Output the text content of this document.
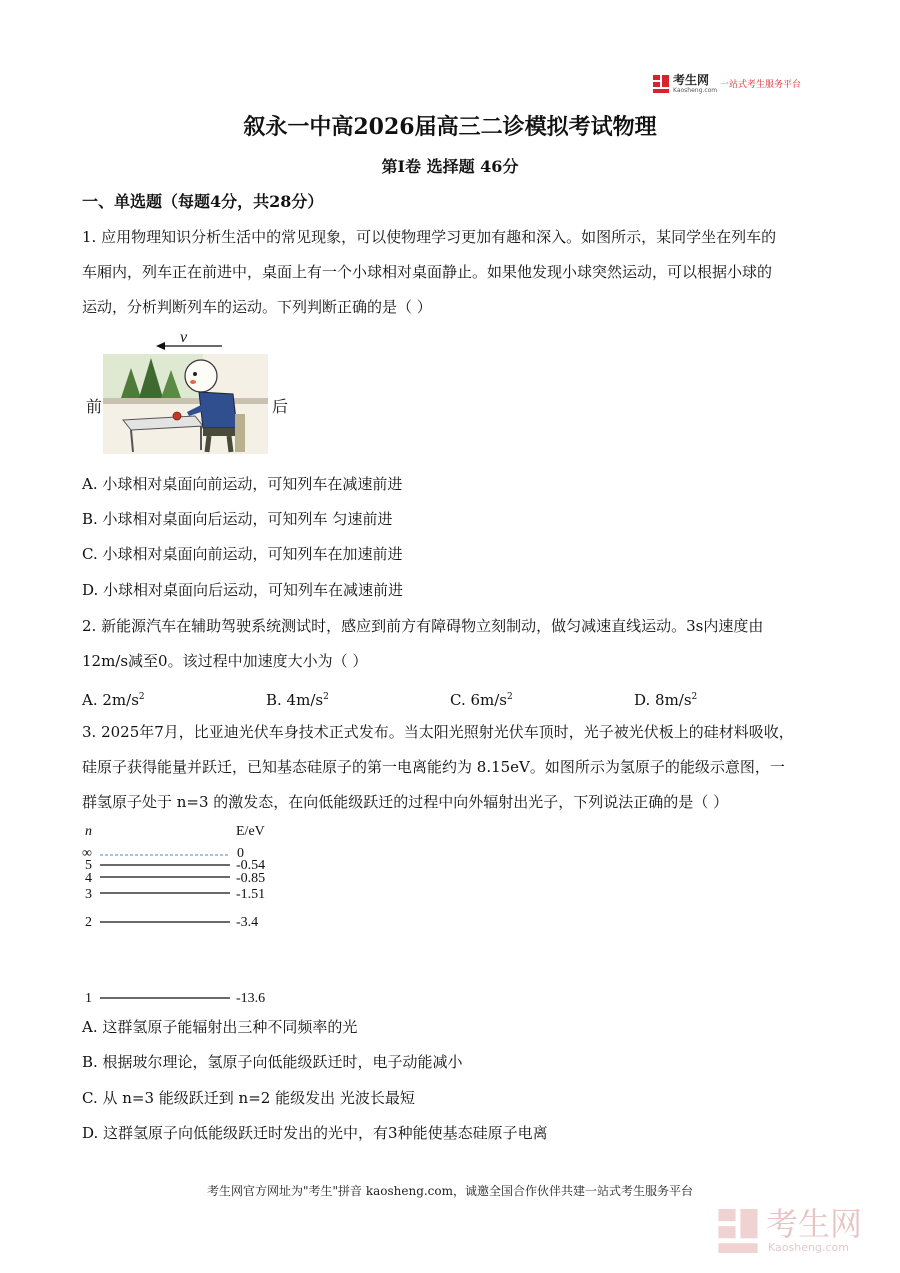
考生网
Kaosheng.com
一站式考生服务平台
叙永一中高2026届高三二诊模拟考试物理
第I卷 选择题 46分
一、单选题（每题4分，共28分）
1. 应用物理知识分析生活中的常见现象，可以使物理学习更加有趣和深入。如图所示，某同学坐在列车的
车厢内，列车正在前进中，桌面上有一个小球相对桌面静止。如果他发现小球突然运动，可以根据小球的
运动，分析判断列车的运动。下列判断正确的是（ ）
v
前	后
A. 小球相对桌面向前运动，可知列车在减速前进
B. 小球相对桌面向后运动，可知列车 匀速前进
C. 小球相对桌面向前运动，可知列车在加速前进
D. 小球相对桌面向后运动，可知列车在减速前进
2. 新能源汽车在辅助驾驶系统测试时，感应到前方有障碍物立刻制动，做匀减速直线运动。3s内速度由
12m/s减至0。该过程中加速度大小为（ ）
A. $2m/s^2$	B. $4m/s^2$	C. $6m/s^2$	D. $8m/s^2$
3. 2025年7月，比亚迪光伏车身技术正式发布。当太阳光照射光伏车顶时，光子被光伏板上的硅材料吸收，
硅原子获得能量并跃迁，已知基态硅原子的第一电离能约为 8.15eV。如图所示为氢原子的能级示意图，一
群氢原子处于 n=3 的激发态，在向低能级跃迁的过程中向外辐射出光子，下列说法正确的是（ ）
n	E/eV
∞	0
5	-0.54
4	-0.85
3	-1.51
2	-3.4
1	-13.6
A. 这群氢原子能辐射出三种不同频率的光
B. 根据玻尔理论，氢原子向低能级跃迁时，电子动能减小
C. 从 n=3 能级跃迁到 n=2 能级发出 光波长最短
D. 这群氢原子向低能级跃迁时发出的光中，有3种能使基态硅原子电离
考生网官方网址为"考生"拼音 kaosheng.com，诚邀全国合作伙伴共建一站式考生服务平台
考生网
Kaosheng.com
